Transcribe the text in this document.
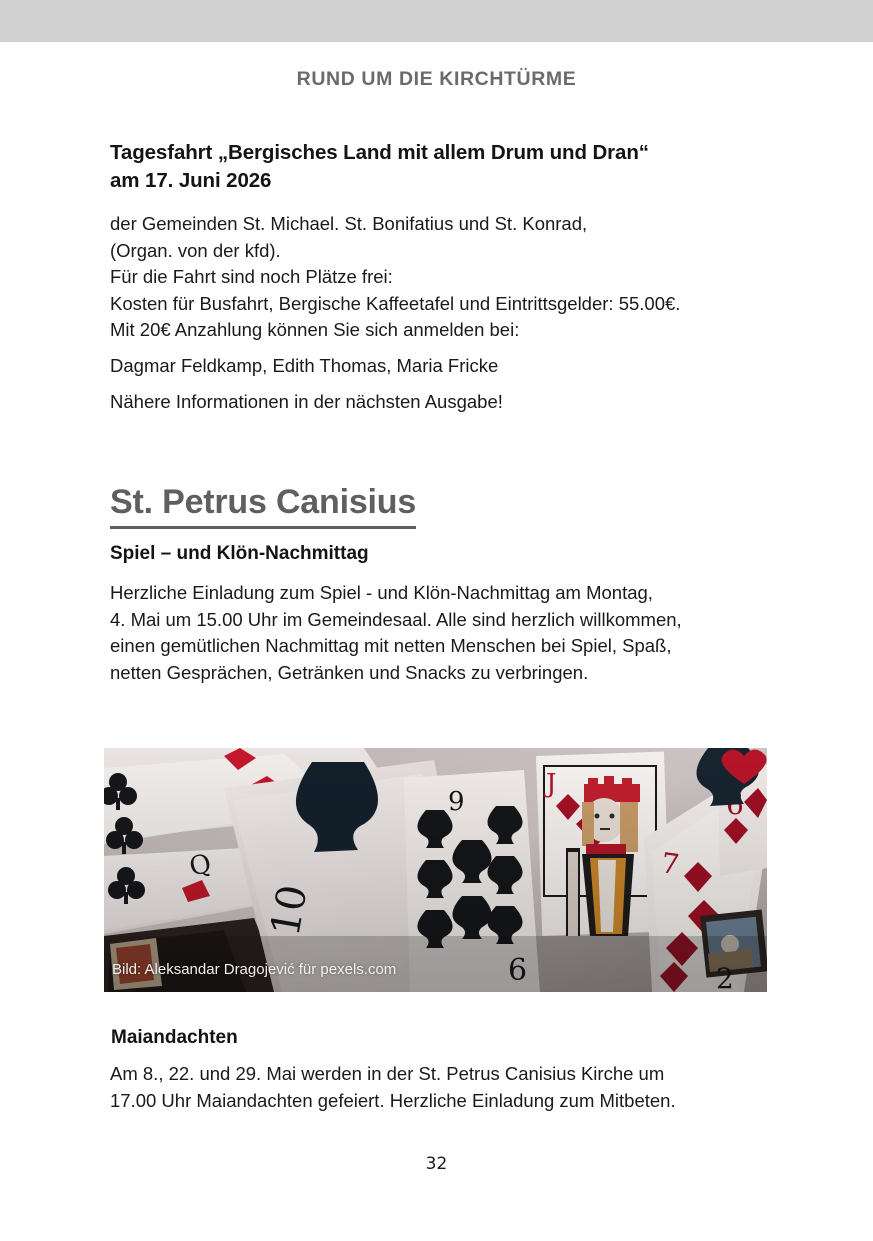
RUND UM DIE KIRCHTÜRME
Tagesfahrt „Bergisches Land mit allem Drum und Dran“
am 17. Juni 2026

der Gemeinden St. Michael. St. Bonifatius und St. Konrad,
(Organ. von der kfd).
Für die Fahrt sind noch Plätze frei:
Kosten für Busfahrt, Bergische Kaffeetafel und Eintrittsgelder: 55.00€.
Mit 20€ Anzahlung können Sie sich anmelden bei:

Dagmar Feldkamp, Edith Thomas, Maria Fricke

Nähere Informationen in der nächsten Ausgabe!

St. Petrus Canisius
Spiel – und Klön-Nachmittag

Herzliche Einladung zum Spiel - und Klön-Nachmittag am Montag,
4. Mai um 15.00 Uhr im Gemeindesaal. Alle sind herzlich willkommen,
einen gemütlichen Nachmittag mit netten Menschen bei Spiel, Spaß,
netten Gesprächen, Getränken und Snacks zu verbringen.

Bild: Aleksandar Dragojević für pexels.com
Maiandachten

Am 8., 22. und 29. Mai werden in der St. Petrus Canisius Kirche um
17.00 Uhr Maiandachten gefeiert. Herzliche Einladung zum Mitbeten.

32
